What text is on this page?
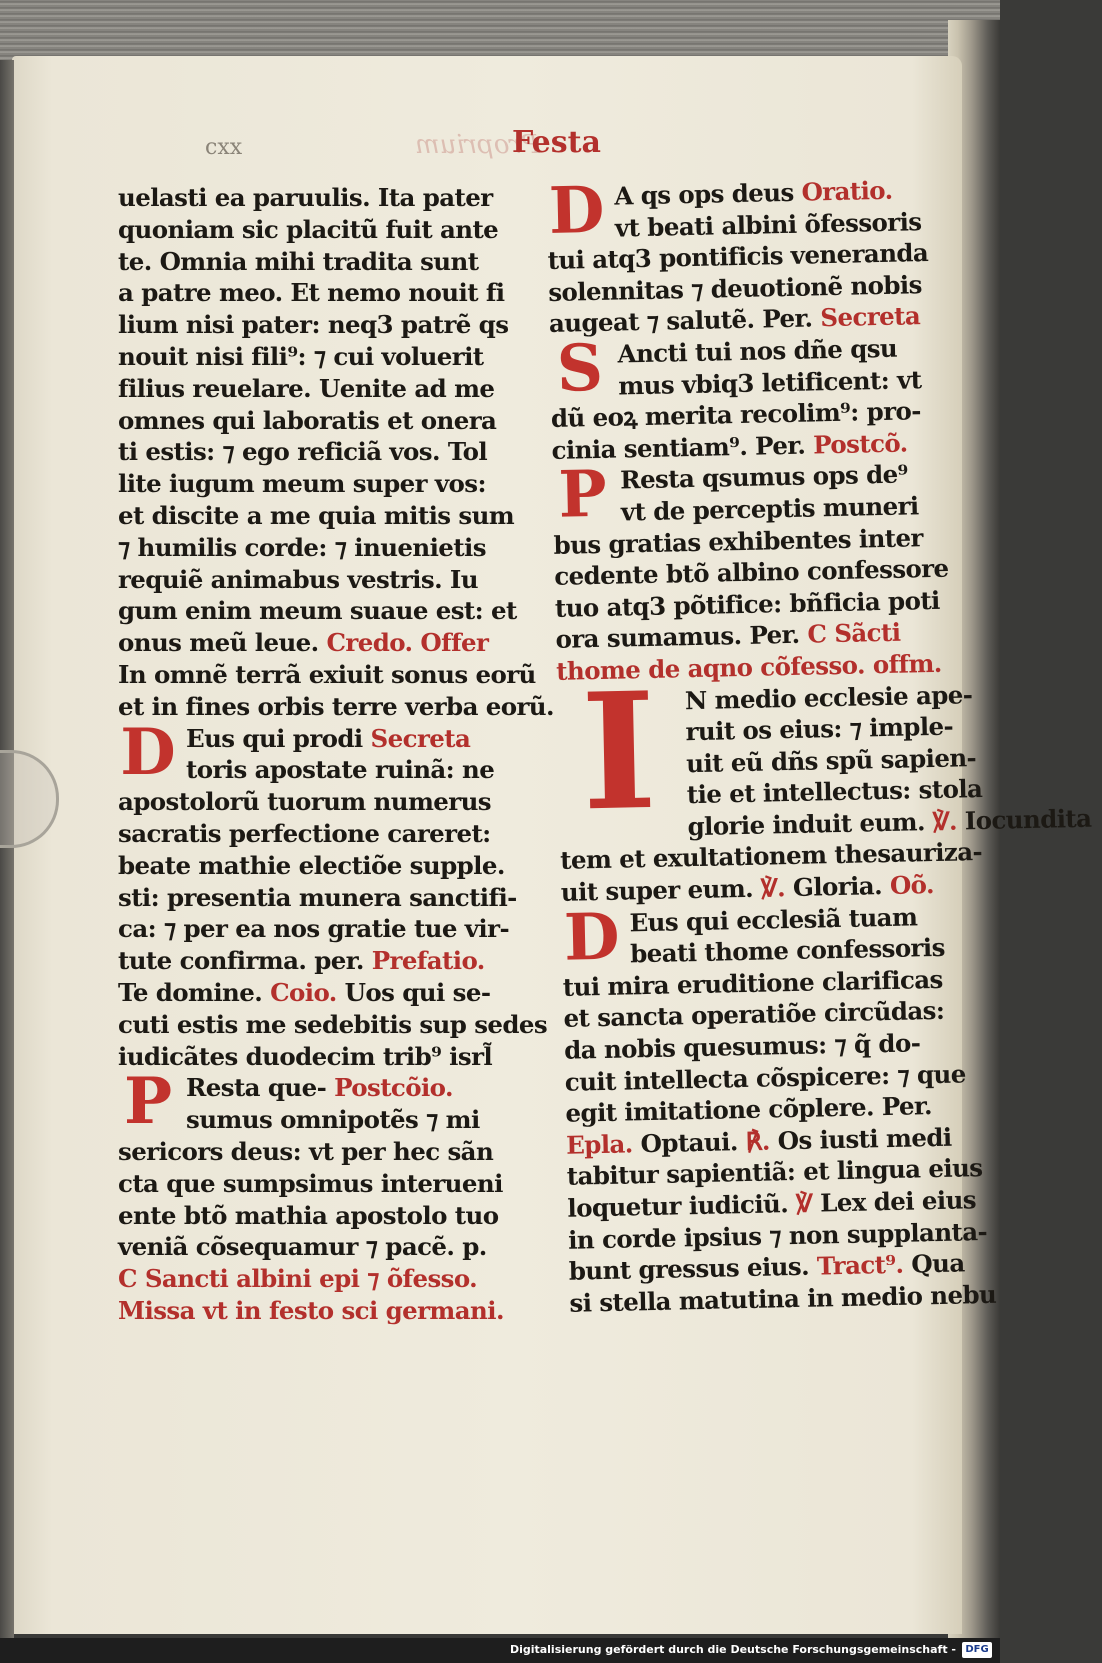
cxx	Proprium
Festa
uelasti ea paruulis. Ita pater
quoniam sic placitũ fuit ante
te. Omnia mihi tradita sunt
a patre meo. Et nemo nouit fi
lium nisi pater: neq3 patrẽ qs
nouit nisi fili⁹: ⁊ cui voluerit
filius reuelare. Uenite ad me
omnes qui laboratis et onera
ti estis: ⁊ ego reficiã vos. Tol
lite iugum meum super vos:
et discite a me quia mitis sum
⁊ humilis corde: ⁊ inuenietis
requiẽ animabus vestris. Iu
gum enim meum suaue est: et
onus meũ leue. Credo. Offer
In omnẽ terrã exiuit sonus eorũ
et in fines orbis terre verba eorũ.
D Eus qui prodi Secreta
toris apostate ruinã: ne
apostolorũ tuorum numerus
sacratis perfectione careret:
beate mathie electiõe supple.
sti: presentia munera sanctifi-
ca: ⁊ per ea nos gratie tue vir-
tute confirma. per. Prefatio.
Te domine. Coio. Uos qui se-
cuti estis me sedebitis sup sedes
iudicãtes duodecim trib⁹ isrl̃
P Resta que- Postcõio.
sumus omnipotẽs ⁊ mi
sericors deus: vt per hec sãn
cta que sumpsimus interueni
ente btõ mathia apostolo tuo
veniã cõsequamur ⁊ pacẽ. p.
C Sancti albini epi ⁊ õfesso.
Missa vt in festo sci germani.
D A qs ops deus Oratio.
vt beati albini õfessoris
tui atq3 pontificis veneranda
solennitas ⁊ deuotionẽ nobis
augeat ⁊ salutẽ. Per. Secreta
S Ancti tui nos dñe qsu
mus vbiq3 letificent: vt
dũ eoꝝ merita recolim⁹: pro-
cinia sentiam⁹. Per. Postcõ.
P Resta qsumus ops de⁹
vt de perceptis muneri
bus gratias exhibentes inter
cedente btõ albino confessore
tuo atq3 põtifice: bñficia poti
ora sumamus. Per. C Sãcti
thome de aqno cõfesso. offm.
I	N medio ecclesie ape-
ruit os eius: ⁊ imple-
uit eũ dñs spũ sapien-
tie et intellectus: stola
glorie induit eum. ℣. Iocundita
tem et exultationem thesauriza-
uit super eum. ℣. Gloria. Oõ.
D Eus qui ecclesiã tuam
beati thome confessoris
tui mira eruditione clarificas
et sancta operatiõe circũdas:
da nobis quesumus: ⁊ q̃ do-
cuit intellecta cõspicere: ⁊ que
egit imitatione cõplere. Per.
Epla. Optaui. ℟. Os iusti medi
tabitur sapientiã: et lingua eius
loquetur iudiciũ. ℣ Lex dei eius
in corde ipsius ⁊ non supplanta-
bunt gressus eius. Tract⁹. Qua
si stella matutina in medio nebu
Digitalisierung gefördert durch die Deutsche Forschungsgemeinschaft - DFG
